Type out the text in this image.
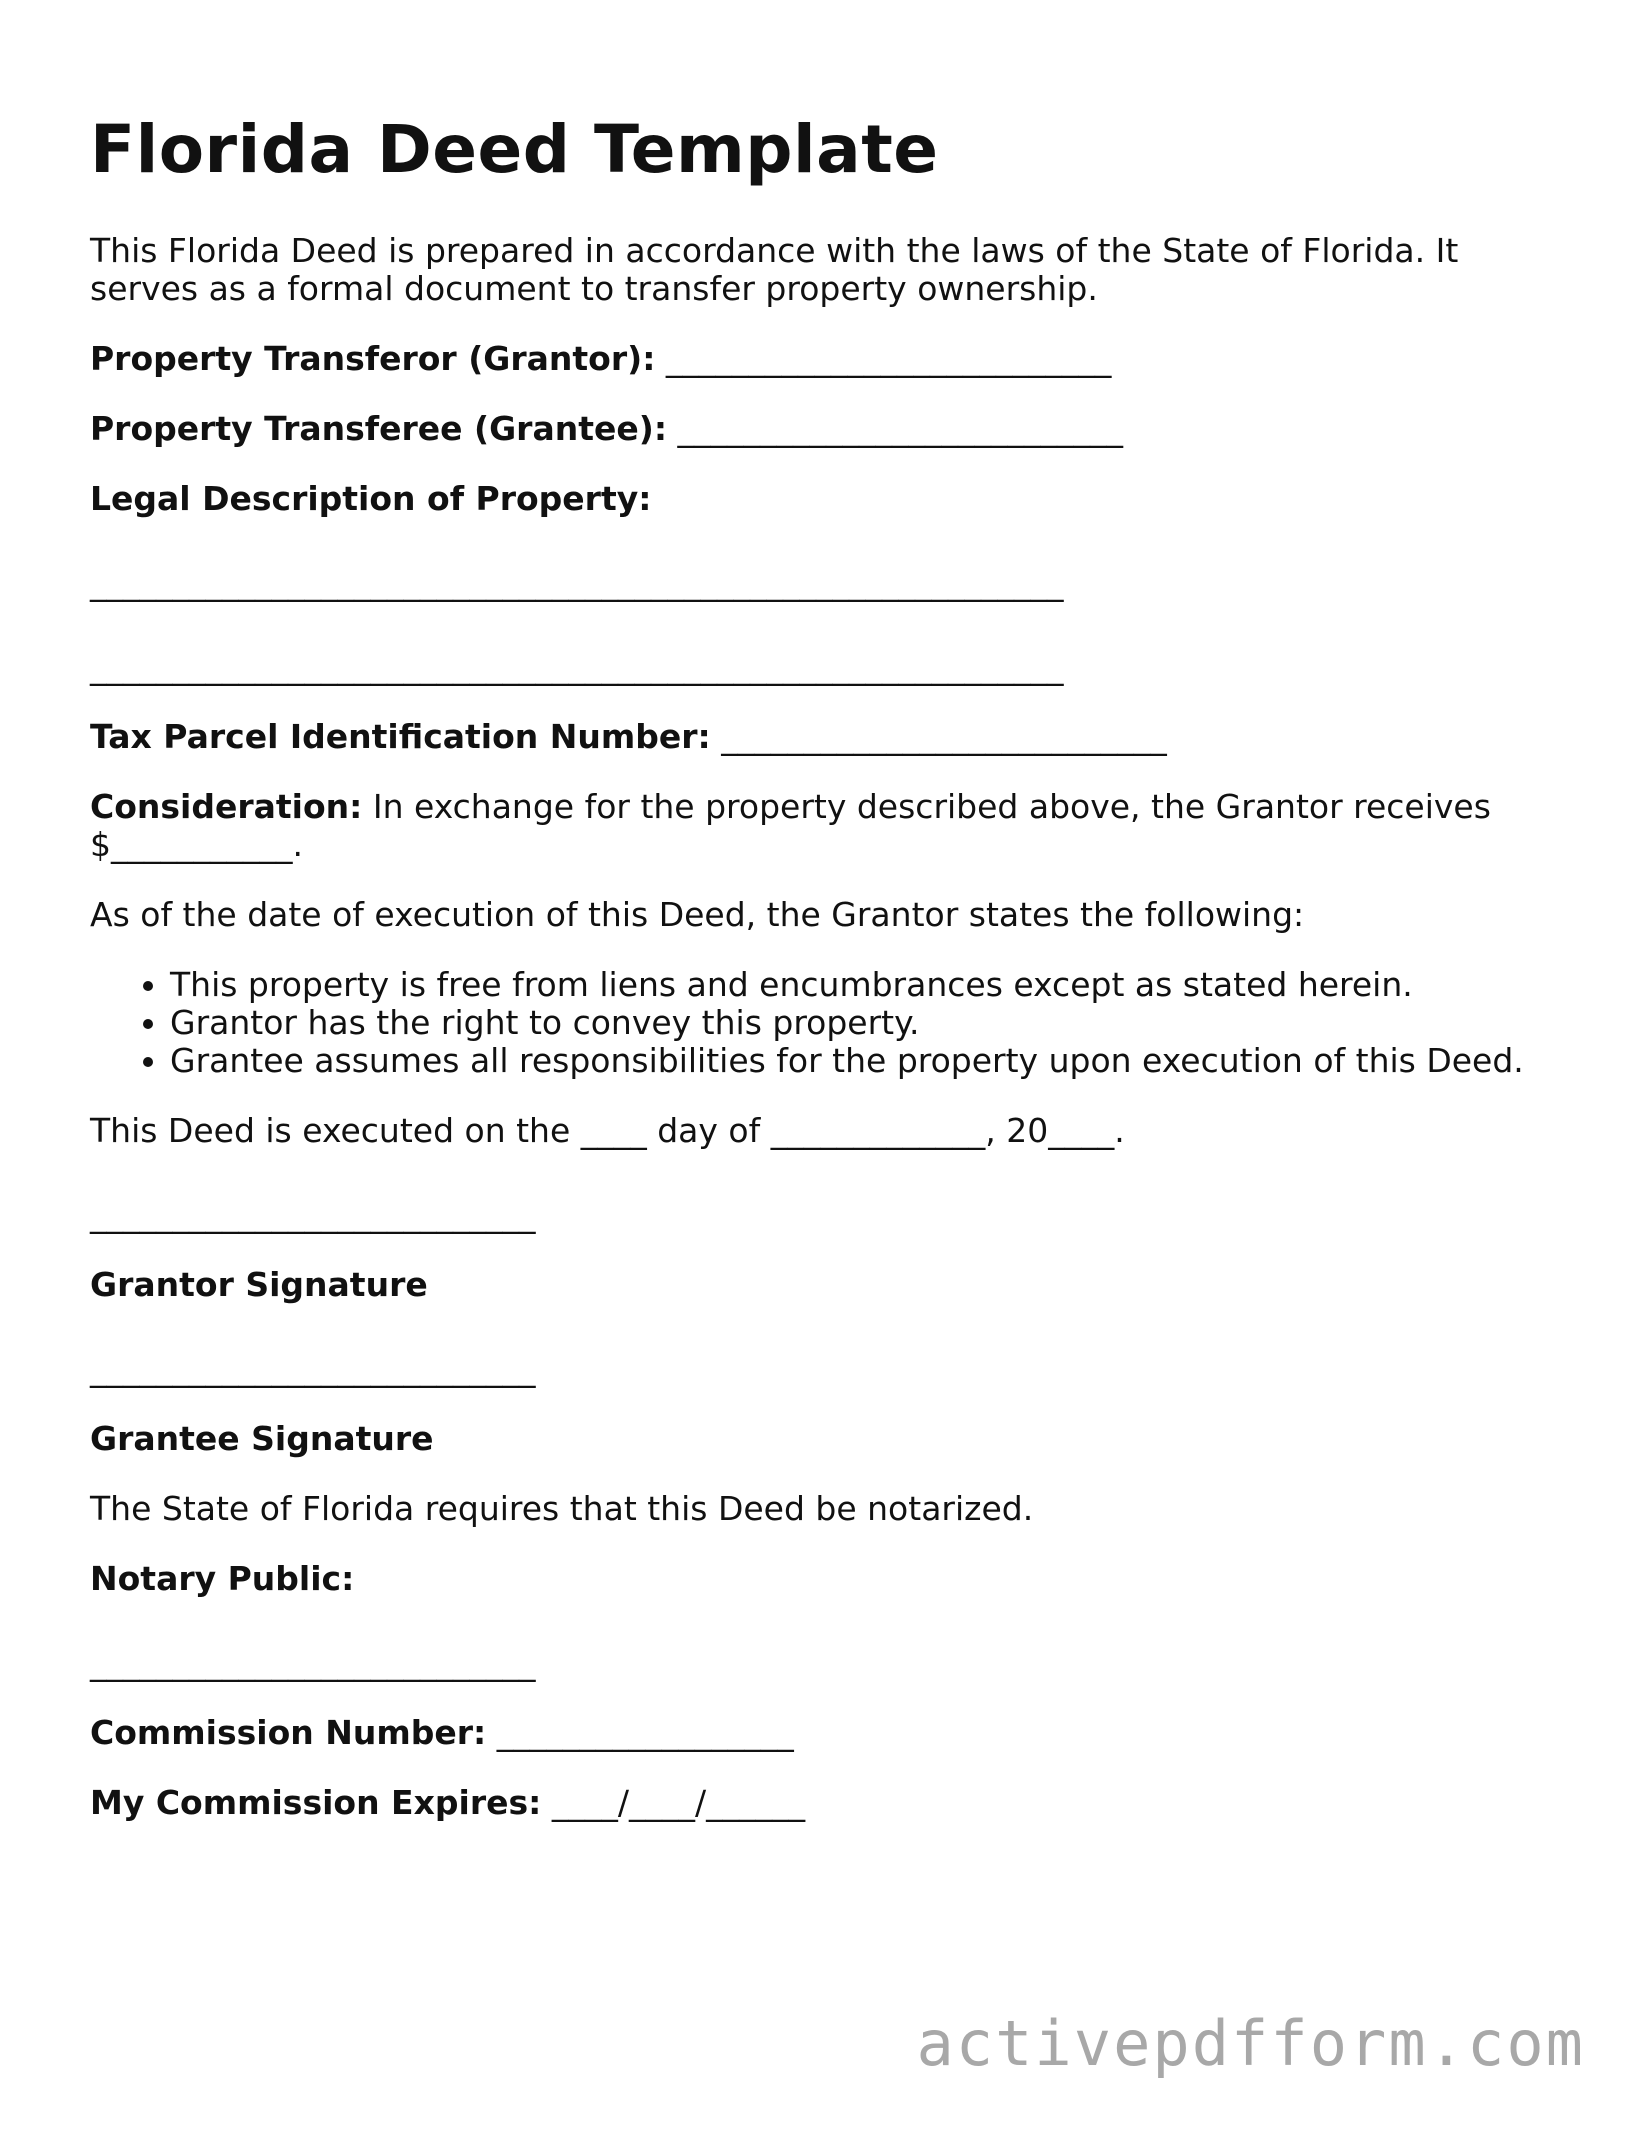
Florida Deed Template

This Florida Deed is prepared in accordance with the laws of the State of Florida. It serves as a formal document to transfer property ownership.

Property Transferor (Grantor): ___________________________

Property Transferee (Grantee): ___________________________

Legal Description of Property:

___________________________________________________________

___________________________________________________________

Tax Parcel Identification Number: ___________________________

Consideration: In exchange for the property described above, the Grantor receives $___________.

As of the date of execution of this Deed, the Grantor states the following:

• This property is free from liens and encumbrances except as stated herein.
• Grantor has the right to convey this property.
• Grantee assumes all responsibilities for the property upon execution of this Deed.

This Deed is executed on the ____ day of _____________, 20____.

___________________________

Grantor Signature

___________________________

Grantee Signature

The State of Florida requires that this Deed be notarized.

Notary Public:

___________________________

Commission Number: __________________

My Commission Expires: ____/____/______

activepdfform.com
